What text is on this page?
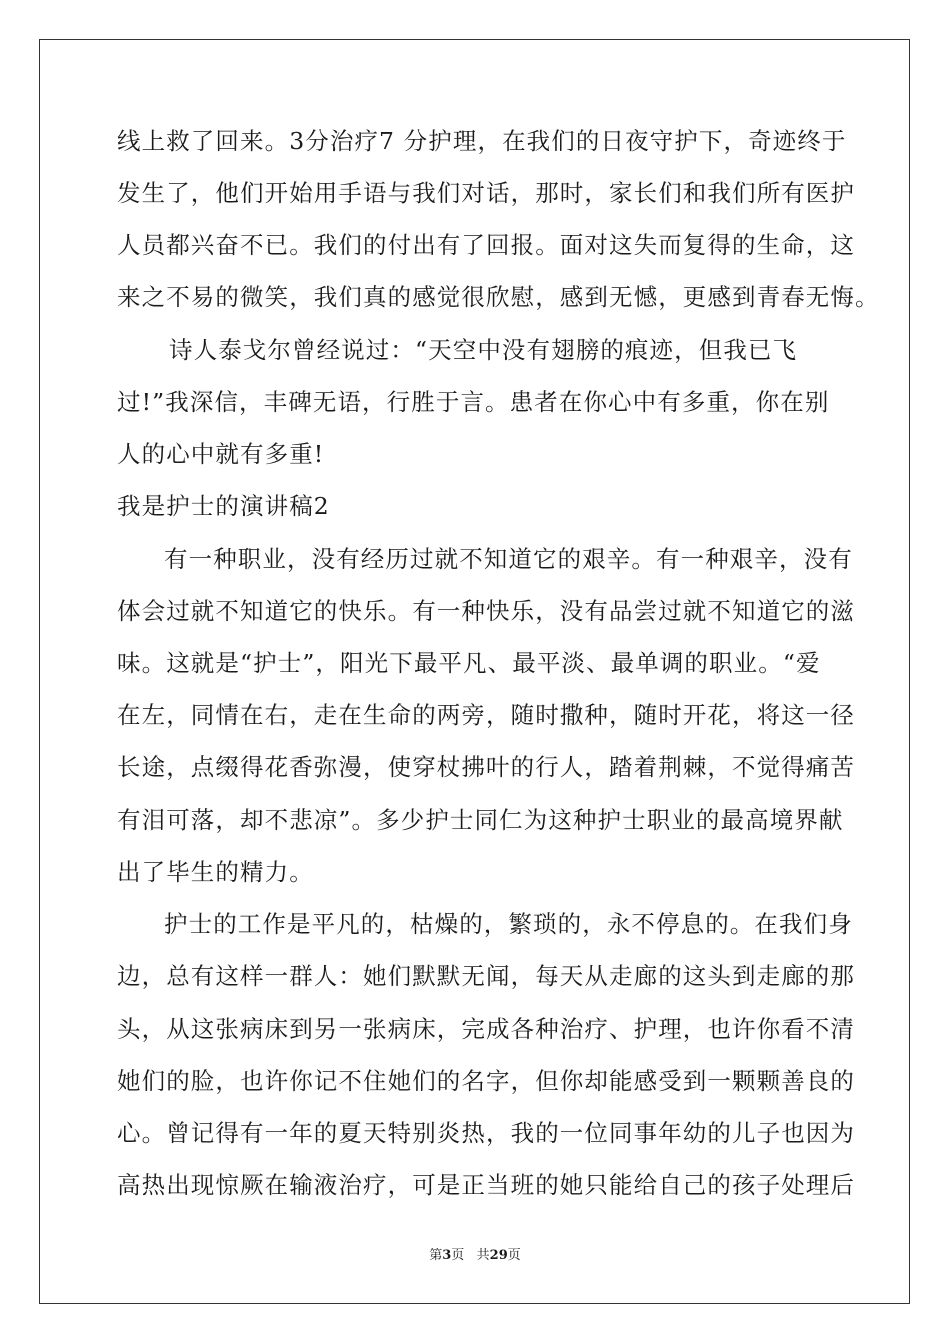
线上救了回来。3分治疗7 分护理，在我们的日夜守护下，奇迹终于
发生了，他们开始用手语与我们对话，那时，家长们和我们所有医护
人员都兴奋不已。我们的付出有了回报。面对这失而复得的生命，这
来之不易的微笑，我们真的感觉很欣慰，感到无憾，更感到青春无悔。
诗人泰戈尔曾经说过：“天空中没有翅膀的痕迹，但我已飞
过!”我深信，丰碑无语，行胜于言。患者在你心中有多重，你在别
人的心中就有多重!
我是护士的演讲稿2
有一种职业，没有经历过就不知道它的艰辛。有一种艰辛，没有
体会过就不知道它的快乐。有一种快乐，没有品尝过就不知道它的滋
味。这就是“护士”，阳光下最平凡、最平淡、最单调的职业。“爱
在左，同情在右，走在生命的两旁，随时撒种，随时开花，将这一径
长途，点缀得花香弥漫，使穿杖拂叶的行人，踏着荆棘，不觉得痛苦
有泪可落，却不悲凉”。多少护士同仁为这种护士职业的最高境界献
出了毕生的精力。
护士的工作是平凡的，枯燥的，繁琐的，永不停息的。在我们身
边，总有这样一群人：她们默默无闻，每天从走廊的这头到走廊的那
头，从这张病床到另一张病床，完成各种治疗、护理，也许你看不清
她们的脸，也许你记不住她们的名字，但你却能感受到一颗颗善良的
心。曾记得有一年的夏天特别炎热，我的一位同事年幼的儿子也因为
高热出现惊厥在输液治疗，可是正当班的她只能给自己的孩子处理后
第3页   共29页
